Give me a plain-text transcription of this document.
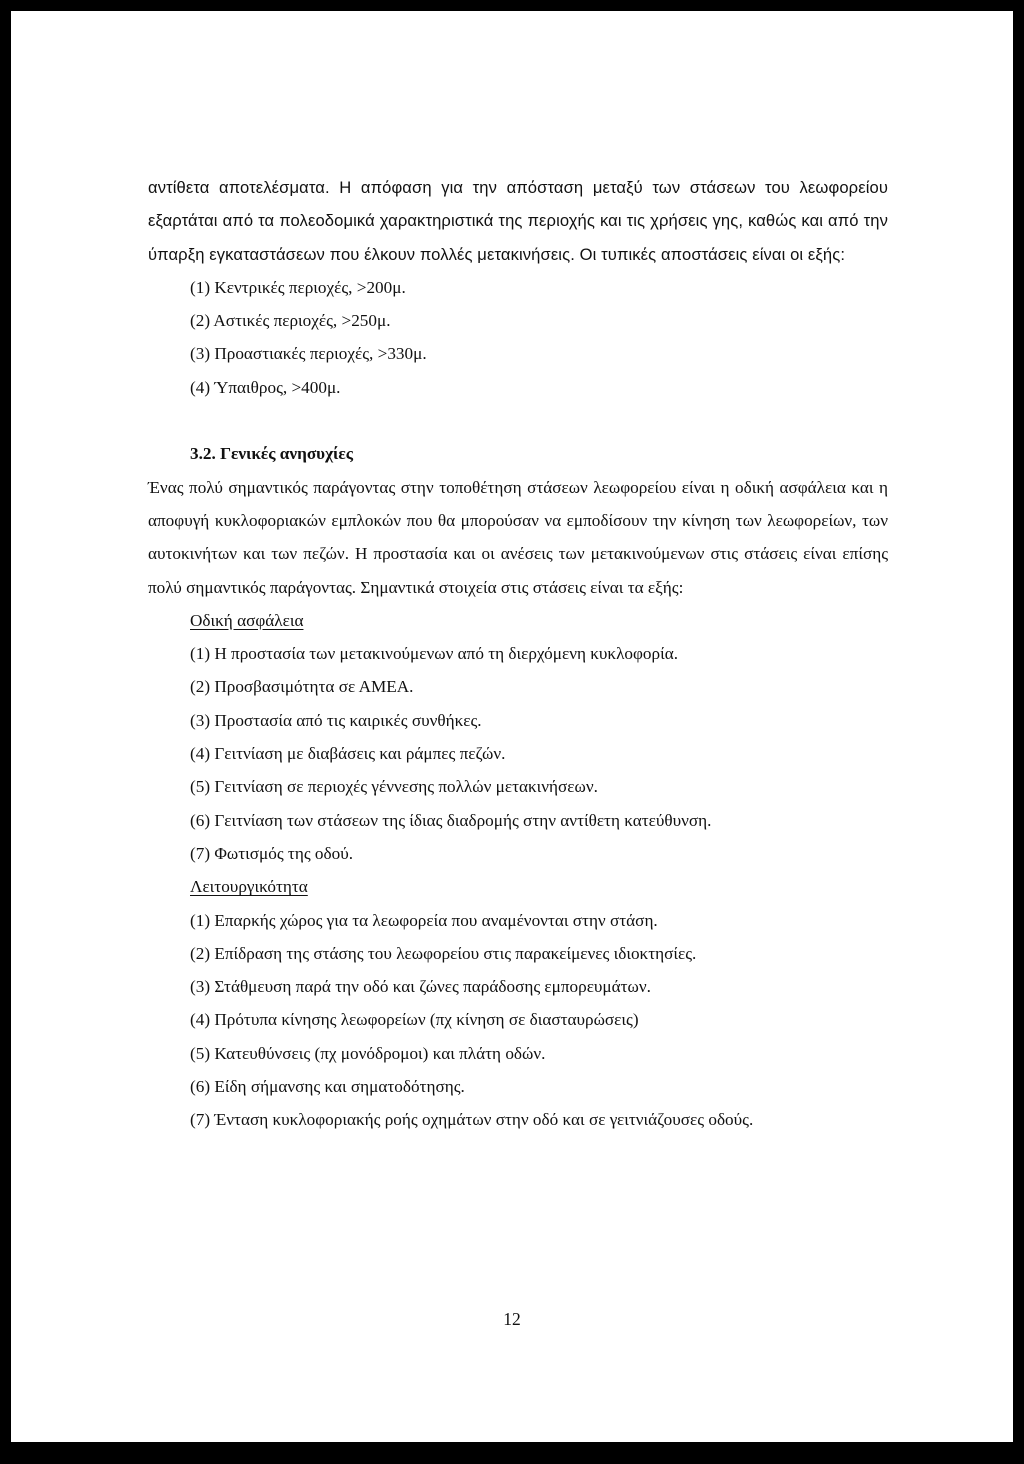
αντίθετα αποτελέσματα. Η απόφαση για την απόσταση μεταξύ των στάσεων του λεωφορείου εξαρτάται από τα πολεοδομικά χαρακτηριστικά της περιοχής και τις χρήσεις γης, καθώς και από την ύπαρξη εγκαταστάσεων που έλκουν πολλές μετακινήσεις. Οι τυπικές αποστάσεις είναι οι εξής:

(1) Κεντρικές περιοχές, >200μ.
(2) Αστικές περιοχές, >250μ.
(3) Προαστιακές περιοχές, >330μ.
(4) Ύπαιθρος, >400μ.

3.2. Γενικές ανησυχίες

Ένας πολύ σημαντικός παράγοντας στην τοποθέτηση στάσεων λεωφορείου είναι η οδική ασφάλεια και η αποφυγή κυκλοφοριακών εμπλοκών που θα μπορούσαν να εμποδίσουν την κίνηση των λεωφορείων, των αυτοκινήτων και των πεζών. Η προστασία και οι ανέσεις των μετακινούμενων στις στάσεις είναι επίσης πολύ σημαντικός παράγοντας. Σημαντικά στοιχεία στις στάσεις είναι τα εξής:

Οδική ασφάλεια

(1) Η προστασία των μετακινούμενων από τη διερχόμενη κυκλοφορία.
(2) Προσβασιμότητα σε ΑΜΕΑ.
(3) Προστασία από τις καιρικές συνθήκες.
(4) Γειτνίαση με διαβάσεις και ράμπες πεζών.
(5) Γειτνίαση σε περιοχές γέννεσης πολλών μετακινήσεων.
(6) Γειτνίαση των στάσεων της ίδιας διαδρομής στην αντίθετη κατεύθυνση.
(7) Φωτισμός της οδού.

Λειτουργικότητα

(1) Επαρκής χώρος για τα λεωφορεία που αναμένονται στην στάση.
(2) Επίδραση της στάσης του λεωφορείου στις παρακείμενες ιδιοκτησίες.
(3) Στάθμευση παρά την οδό και ζώνες παράδοσης εμπορευμάτων.
(4) Πρότυπα κίνησης λεωφορείων (πχ κίνηση σε διασταυρώσεις)
(5) Κατευθύνσεις (πχ μονόδρομοι) και πλάτη οδών.
(6) Είδη σήμανσης και σηματοδότησης.
(7) Ένταση κυκλοφοριακής ροής οχημάτων στην οδό και σε γειτνιάζουσες οδούς.
12
